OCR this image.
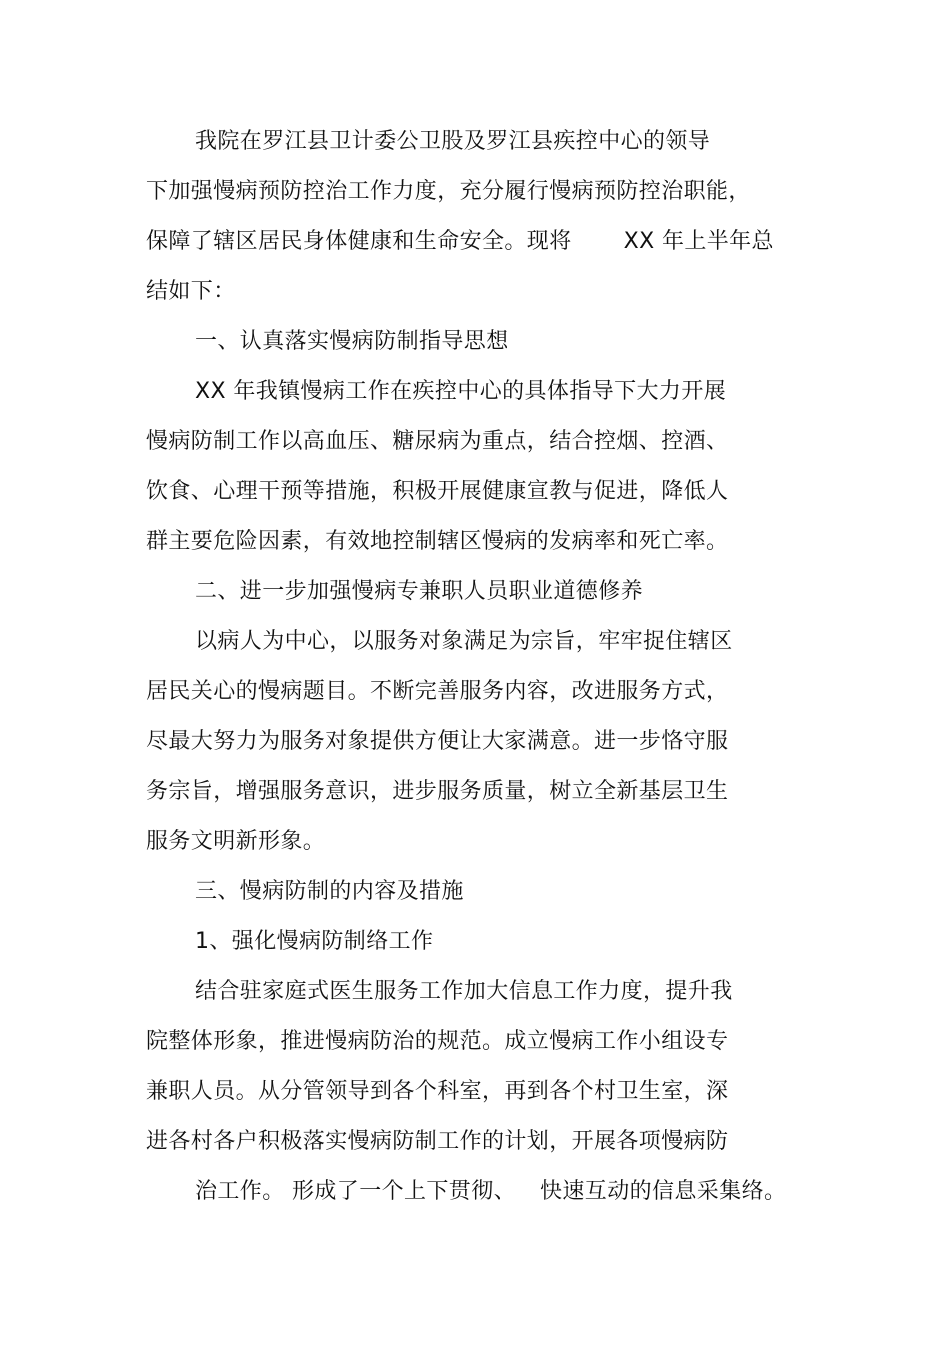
我院在罗江县卫计委公卫股及罗江县疾控中心的领导
下加强慢病预防控治工作力度，充分履行慢病预防控治职能，
保障了辖区居民身体健康和生命安全。现将 XX 年上半年总
结如下：
一、认真落实慢病防制指导思想
XX 年我镇慢病工作在疾控中心的具体指导下大力开展
慢病防制工作以高血压、糖尿病为重点，结合控烟、控酒、
饮食、心理干预等措施，积极开展健康宣教与促进，降低人
群主要危险因素，有效地控制辖区慢病的发病率和死亡率。
二、进一步加强慢病专兼职人员职业道德修养
以病人为中心，以服务对象满足为宗旨，牢牢捉住辖区
居民关心的慢病题目。不断完善服务内容，改进服务方式，
尽最大努力为服务对象提供方便让大家满意。进一步恪守服
务宗旨，增强服务意识，进步服务质量，树立全新基层卫生
服务文明新形象。
三、慢病防制的内容及措施
1、强化慢病防制络工作
结合驻家庭式医生服务工作加大信息工作力度，提升我
院整体形象，推进慢病防治的规范。成立慢病工作小组设专
兼职人员。从分管领导到各个科室，再到各个村卫生室，深
进各村各户积极落实慢病防制工作的计划，开展各项慢病防
治工作。 形成了一个上下贯彻、 快速互动的信息采集络。
